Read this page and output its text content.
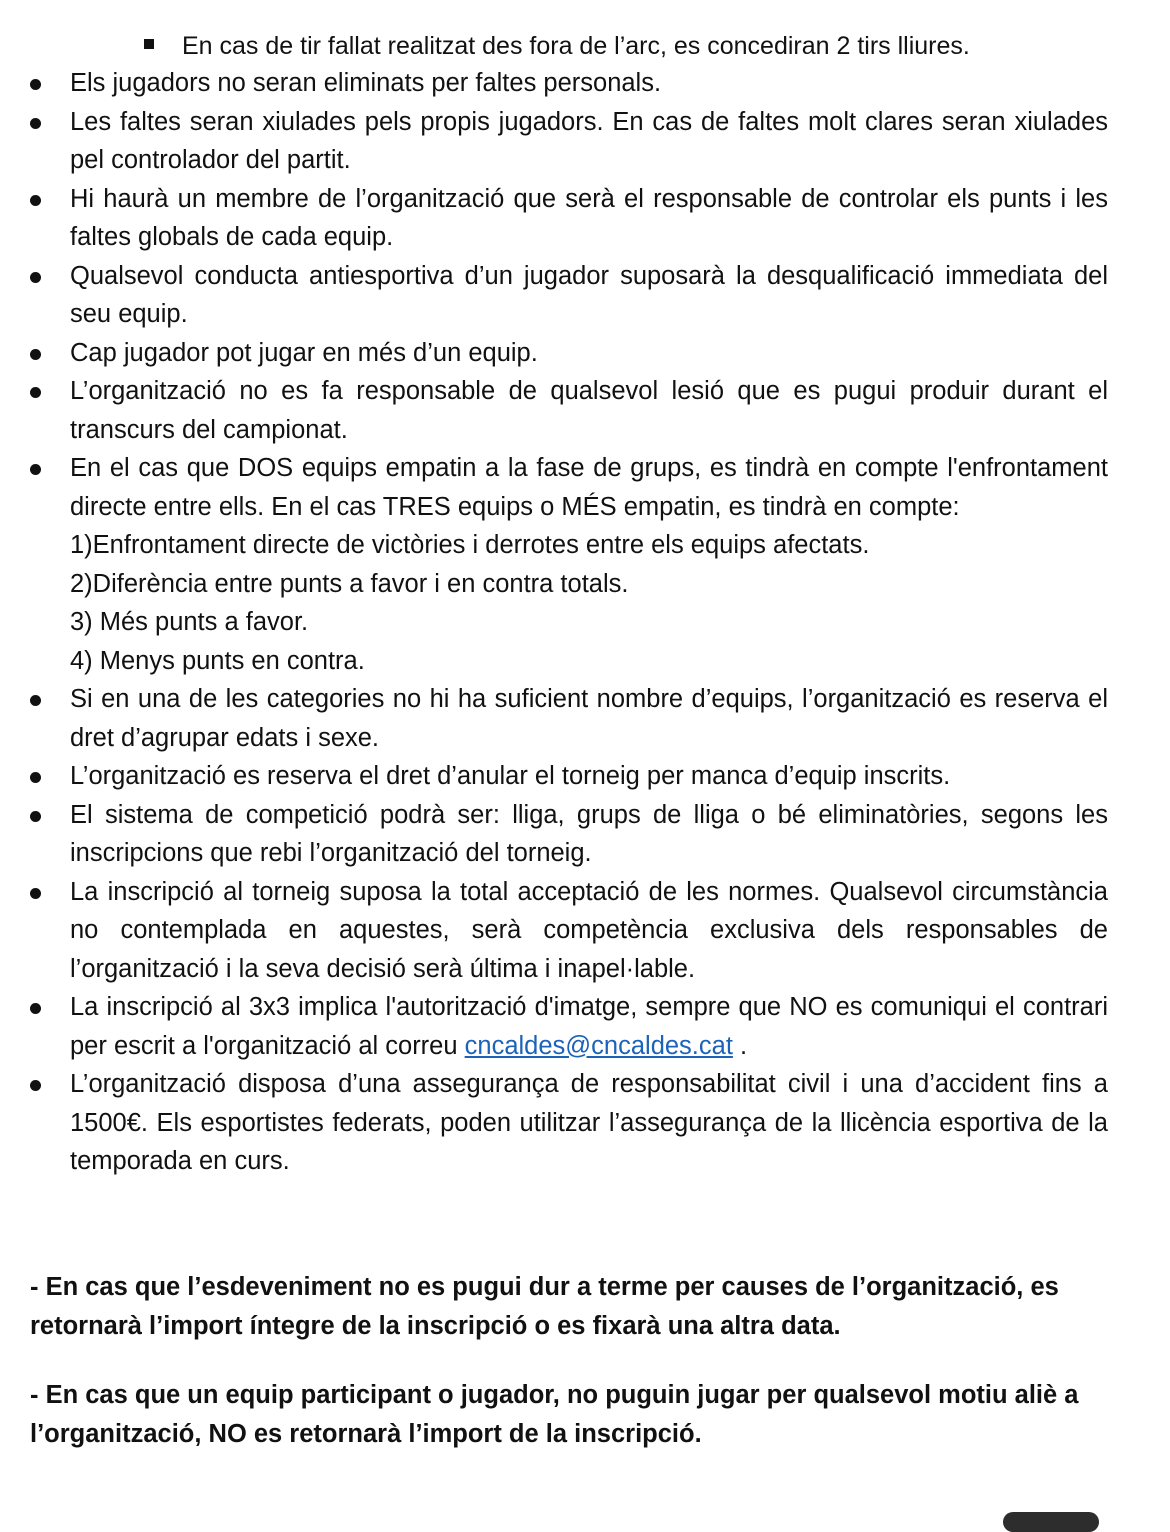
En cas de tir fallat realitzat des fora de l’arc, es concediran 2 tirs lliures.
Els jugadors no seran eliminats per faltes personals.
Les faltes seran xiulades pels propis jugadors. En cas de faltes molt clares seran xiulades pel controlador del partit.
Hi haurà un membre de l’organització que serà el responsable de controlar els punts i les faltes globals de cada equip.
Qualsevol conducta antiesportiva d’un jugador suposarà la desqualificació immediata del seu equip.
Cap jugador pot jugar en més d’un equip.
L’organització no es fa responsable de qualsevol lesió que es pugui produir durant el transcurs del campionat.
En el cas que DOS equips empatin a la fase de grups, es tindrà en compte l'enfrontament directe entre ells. En el cas TRES equips o MÉS empatin, es tindrà en compte:
1)Enfrontament directe de victòries i derrotes entre els equips afectats.
2)Diferència entre punts a favor i en contra totals.
3) Més punts a favor.
4) Menys punts en contra.
Si en una de les categories no hi ha suficient nombre d’equips, l’organització es reserva el dret d’agrupar edats i sexe.
L’organització es reserva el dret d’anular el torneig per manca d’equip inscrits.
El sistema de competició podrà ser: lliga, grups de lliga o bé eliminatòries, segons les inscripcions que rebi l’organització del torneig.
La inscripció al torneig suposa la total acceptació de les normes. Qualsevol circumstància no contemplada en aquestes, serà competència exclusiva dels responsables de l’organització i la seva decisió serà última i inapel·lable.
La inscripció al 3x3 implica l'autorització d'imatge, sempre que NO es comuniqui el contrari per escrit a l'organització al correu cncaldes@cncaldes.cat .
L’organització disposa d’una assegurança de responsabilitat civil i una d’accident fins a 1500€. Els esportistes federats, poden utilitzar l’assegurança de la llicència esportiva de la temporada en curs.
- En cas que l’esdeveniment no es pugui dur a terme per causes de l’organització, es retornarà l’import íntegre de la inscripció o es fixarà una altra data.
- En cas que un equip participant o jugador, no puguin jugar per qualsevol motiu aliè a l’organització, NO es retornarà l’import de la inscripció.
